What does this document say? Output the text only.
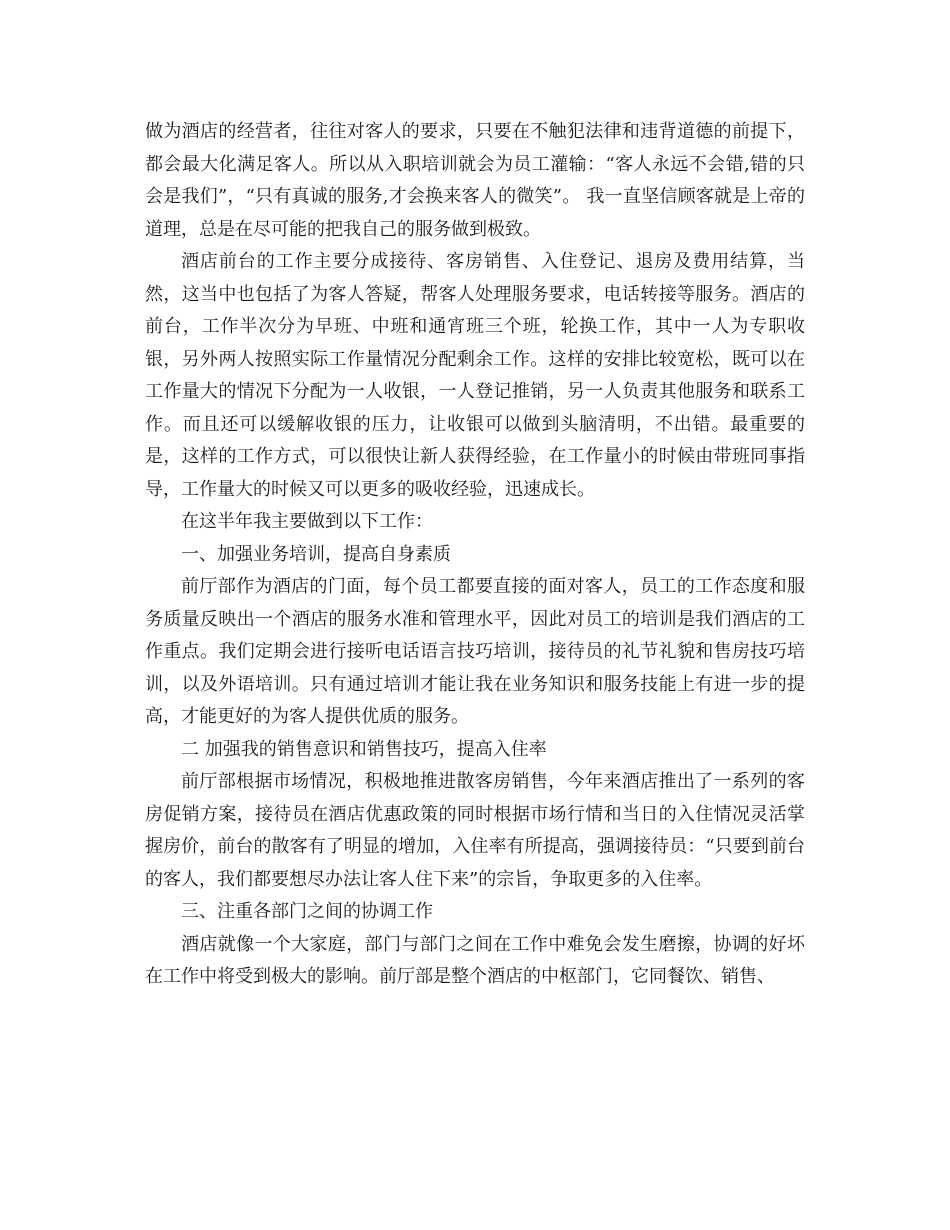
做为酒店的经营者，往往对客人的要求，只要在不触犯法律和违背道德的前提下，都会最大化满足客人。所以从入职培训就会为员工灌输：“客人永远不会错,错的只会是我们”，“只有真诚的服务,才会换来客人的微笑”。 我一直坚信顾客就是上帝的道理，总是在尽可能的把我自己的服务做到极致。

酒店前台的工作主要分成接待、客房销售、入住登记、退房及费用结算，当然，这当中也包括了为客人答疑，帮客人处理服务要求，电话转接等服务。酒店的前台，工作半次分为早班、中班和通宵班三个班，轮换工作，其中一人为专职收银，另外两人按照实际工作量情况分配剩余工作。这样的安排比较宽松，既可以在工作量大的情况下分配为一人收银，一人登记推销，另一人负责其他服务和联系工作。而且还可以缓解收银的压力，让收银可以做到头脑清明，不出错。最重要的是，这样的工作方式，可以很快让新人获得经验，在工作量小的时候由带班同事指导，工作量大的时候又可以更多的吸收经验，迅速成长。

在这半年我主要做到以下工作：

一、加强业务培训，提高自身素质

前厅部作为酒店的门面，每个员工都要直接的面对客人，员工的工作态度和服务质量反映出一个酒店的服务水准和管理水平，因此对员工的培训是我们酒店的工作重点。我们定期会进行接听电话语言技巧培训，接待员的礼节礼貌和售房技巧培训，以及外语培训。只有通过培训才能让我在业务知识和服务技能上有进一步的提高，才能更好的为客人提供优质的服务。

二 加强我的销售意识和销售技巧，提高入住率

前厅部根据市场情况，积极地推进散客房销售，今年来酒店推出了一系列的客房促销方案，接待员在酒店优惠政策的同时根据市场行情和当日的入住情况灵活掌握房价，前台的散客有了明显的增加，入住率有所提高，强调接待员：“只要到前台的客人，我们都要想尽办法让客人住下来”的宗旨，争取更多的入住率。

三、注重各部门之间的协调工作

酒店就像一个大家庭，部门与部门之间在工作中难免会发生磨擦，协调的好坏在工作中将受到极大的影响。前厅部是整个酒店的中枢部门，它同餐饮、销售、
